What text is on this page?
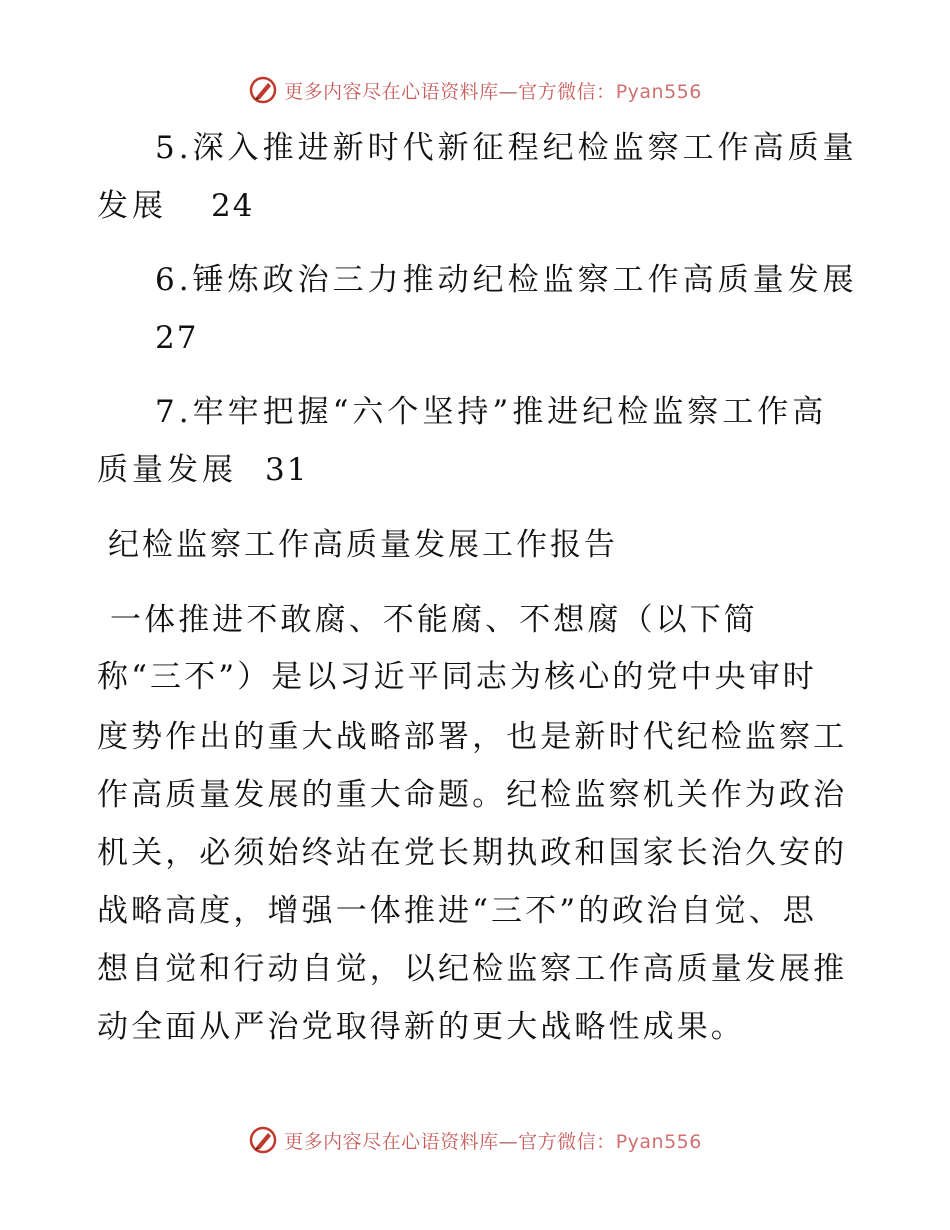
更多内容尽在心语资料库—官方微信：Pyan556
5.深入推进新时代新征程纪检监察工作高质量
发展 24
6.锤炼政治三力推动纪检监察工作高质量发展
27
7.牢牢把握“六个坚持”推进纪检监察工作高
质量发展 31
纪检监察工作高质量发展工作报告
一体推进不敢腐、不能腐、不想腐（以下简
称“三不”）是以习近平同志为核心的党中央审时
度势作出的重大战略部署，也是新时代纪检监察工
作高质量发展的重大命题。纪检监察机关作为政治
机关，必须始终站在党长期执政和国家长治久安的
战略高度，增强一体推进“三不”的政治自觉、思
想自觉和行动自觉，以纪检监察工作高质量发展推
动全面从严治党取得新的更大战略性成果。
更多内容尽在心语资料库—官方微信：Pyan556
